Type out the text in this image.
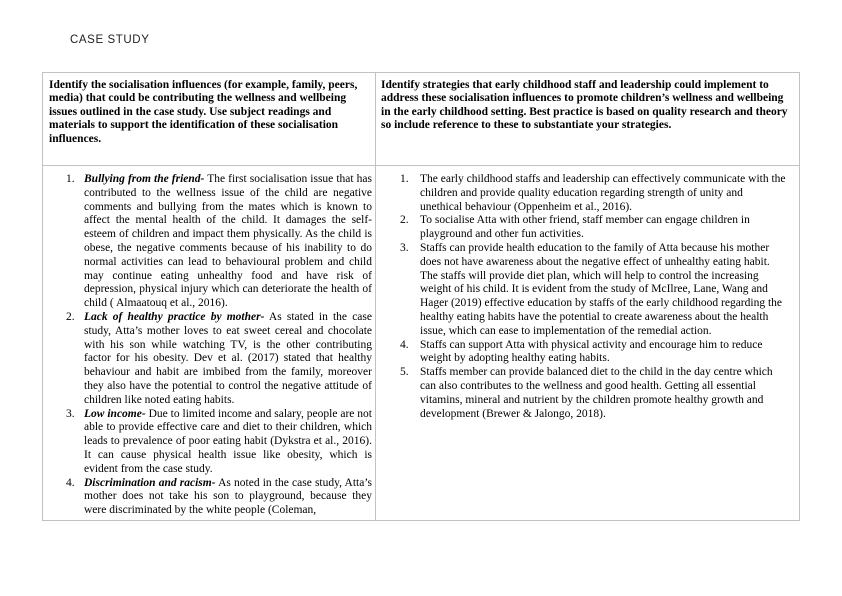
CASE STUDY
Identify the socialisation influences (for example, family, peers, media) that could be contributing the wellness and wellbeing issues outlined in the case study. Use subject readings and materials to support the identification of these socialisation influences.
Identify strategies that early childhood staff and leadership could implement to address these socialisation influences to promote children’s wellness and wellbeing in the early childhood setting. Best practice is based on quality research and theory so include reference to these to substantiate your strategies.
1. Bullying from the friend- The first socialisation issue that has contributed to the wellness issue of the child are negative comments and bullying from the mates which is known to affect the mental health of the child. It damages the self-esteem of children and impact them physically. As the child is obese, the negative comments because of his inability to do normal activities can lead to behavioural problem and child may continue eating unhealthy food and have risk of depression, physical injury which can deteriorate the health of child ( Almaatouq et al., 2016).
2. Lack of healthy practice by mother- As stated in the case study, Atta’s mother loves to eat sweet cereal and chocolate with his son while watching TV, is the other contributing factor for his obesity. Dev et al. (2017) stated that healthy behaviour and habit are imbibed from the family, moreover they also have the potential to control the negative attitude of children like noted eating habits.
3. Low income- Due to limited income and salary, people are not able to provide effective care and diet to their children, which leads to prevalence of poor eating habit (Dykstra et al., 2016). It can cause physical health issue like obesity, which is evident from the case study.
4. Discrimination and racism- As noted in the case study, Atta’s mother does not take his son to playground, because they were discriminated by the white people (Coleman,
1. The early childhood staffs and leadership can effectively communicate with the children and provide quality education regarding strength of unity and unethical behaviour (Oppenheim et al., 2016).
2. To socialise Atta with other friend, staff member can engage children in playground and other fun activities.
3. Staffs can provide health education to the family of Atta because his mother does not have awareness about the negative effect of unhealthy eating habit. The staffs will provide diet plan, which will help to control the increasing weight of his child. It is evident from the study of McIlree, Lane, Wang and Hager (2019) effective education by staffs of the early childhood regarding the healthy eating habits have the potential to create awareness about the health issue, which can ease to implementation of the remedial action.
4. Staffs can support Atta with physical activity and encourage him to reduce weight by adopting healthy eating habits.
5. Staffs member can provide balanced diet to the child in the day centre which can also contributes to the wellness and good health. Getting all essential vitamins, mineral and nutrient by the children promote healthy growth and development (Brewer & Jalongo, 2018).
